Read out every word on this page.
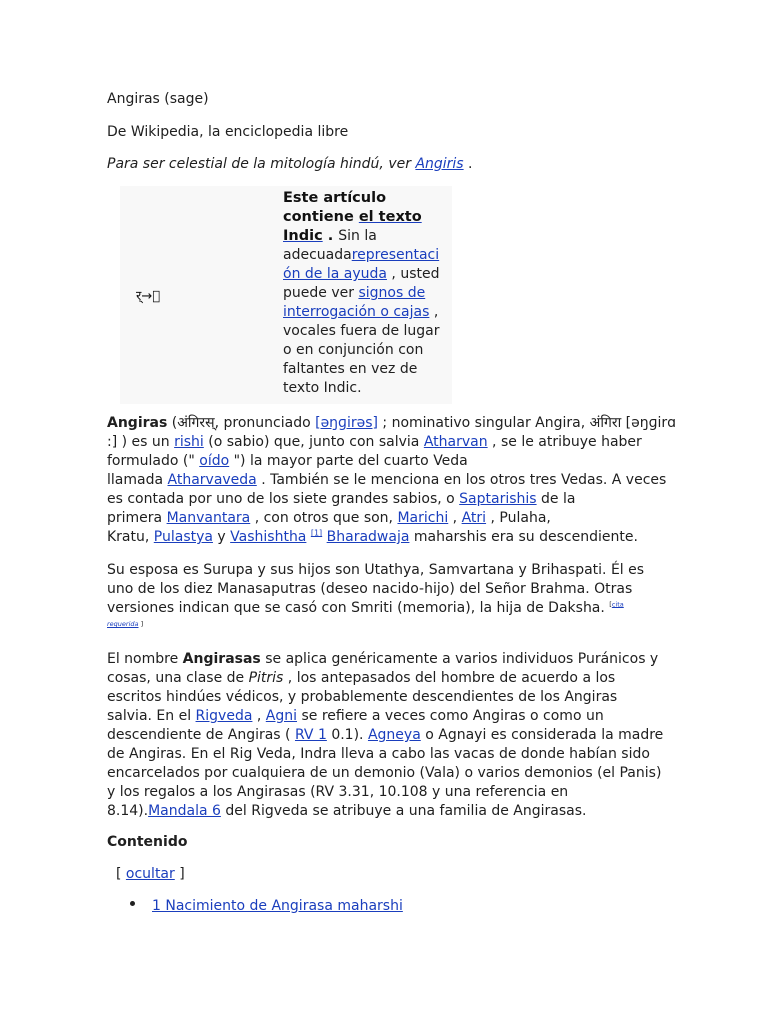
Angiras (sage)

De Wikipedia, la enciclopedia libre

Para ser celestial de la mitología hindú, ver Angiris .

र्→ि
Este artículo
contiene el texto
Indic . Sin la
adecuadarepresentaci
ón de la ayuda , usted
puede ver signos de
interrogación o cajas ,
vocales fuera de lugar
o en conjunción con
faltantes en vez de
texto Indic.

Angiras (अंगिरस्, pronunciado [əŋɡirəs] ; nominativo singular Angira, अंगिरा [əŋɡirɑ

:] ) es un rishi (o sabio) que, junto con salvia Atharvan , se le atribuye haber

formulado (" oído ") la mayor parte del cuarto Veda

llamada Atharvaveda . También se le menciona en los otros tres Vedas. A veces

es contada por uno de los siete grandes sabios, o Saptarishis de la

primera Manvantara , con otros que son, Marichi , Atri , Pulaha,

Kratu, Pulastya y Vashishtha [1] Bharadwaja maharshis era su descendiente.

Su esposa es Surupa y sus hijos son Utathya, Samvartana y Brihaspati. Él es

uno de los diez Manasaputras (deseo nacido-hijo) del Señor Brahma. Otras

versiones indican que se casó con Smriti (memoria), la hija de Daksha. $^{[cita}$

requerida ]

El nombre Angirasas se aplica genéricamente a varios individuos Puránicos y

cosas, una clase de Pitris , los antepasados del hombre de acuerdo a los

escritos hindúes védicos, y probablemente descendientes de los Angiras

salvia. En el Rigveda , Agni se refiere a veces como Angiras o como un

descendiente de Angiras ( RV 1 0.1). Agneya o Agnayi es considerada la madre

de Angiras. En el Rig Veda, Indra lleva a cabo las vacas de donde habían sido

encarcelados por cualquiera de un demonio (Vala) o varios demonios (el Panis)

y los regalos a los Angirasas (RV 3.31, 10.108 y una referencia en

8.14).Mandala 6 del Rigveda se atribuye a una familia de Angirasas.

Contenido

[ ocultar ]

1 Nacimiento de Angirasa maharshi
